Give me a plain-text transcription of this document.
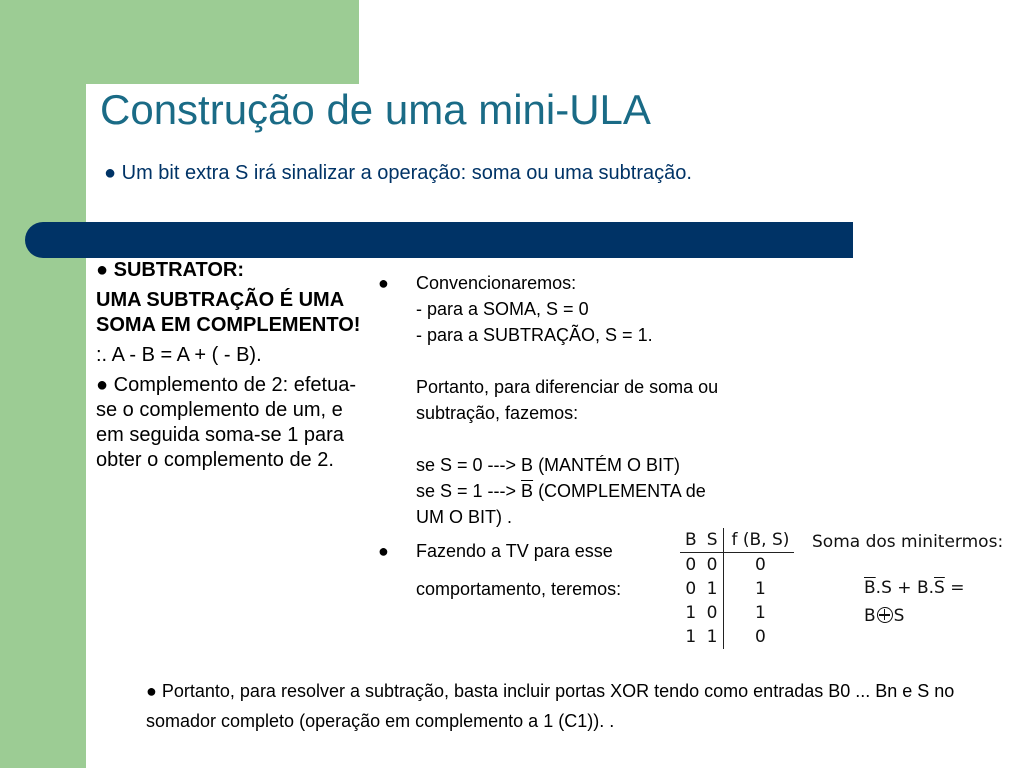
Construção de uma mini-ULA

● Um bit extra S irá sinalizar a operação: soma ou uma subtração.

● SUBTRATOR:

UMA SUBTRAÇÃO É UMA SOMA EM COMPLEMENTO!

:. A - B = A + ( - B).

● Complemento de 2: efetua-se o complemento de um, e em seguida soma-se 1 para obter o complemento de 2.

●	Convencionaremos:
- para a SOMA, S = 0
- para a SUBTRAÇÃO, S = 1.
Portanto, para diferenciar de soma ou
subtração, fazemos:
se S = 0 ---> B (MANTÉM O BIT)
se S = 1 ---> $\overline{B}$ (COMPLEMENTA de
UM O BIT) .
●	Fazendo a TV para esse
comportamento, teremos:
B	S	f (B, S)
0	0	0
0	1	1
1	0	1
1	1	0
Soma dos minitermos:
$\overline{B}.S + B.\overline{S}$ =
B S

● Portanto, para resolver a subtração, basta incluir portas XOR tendo como entradas B0 ... Bn e S no somador completo (operação em complemento a 1 (C1)). .
